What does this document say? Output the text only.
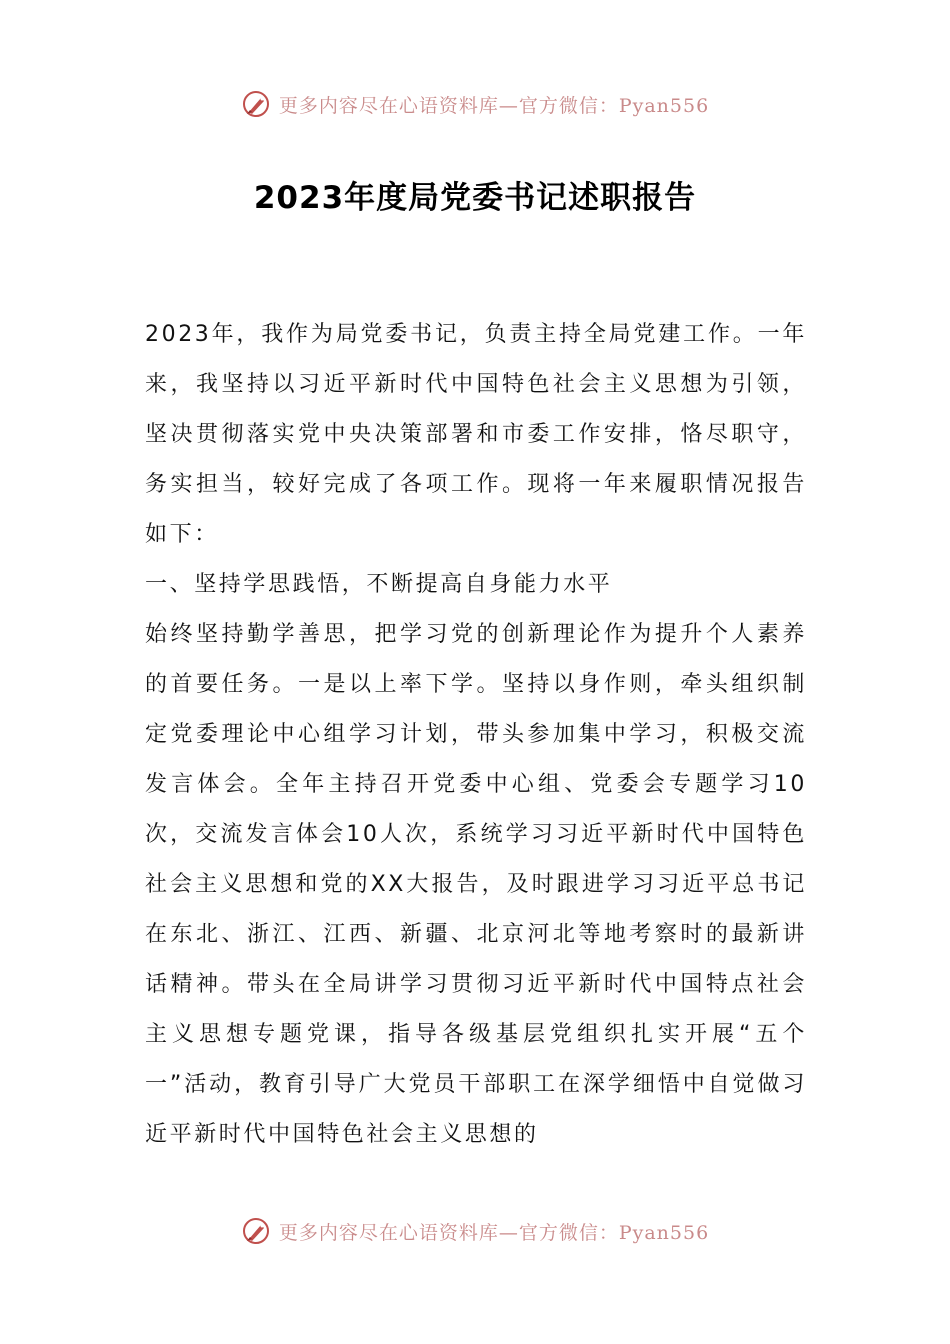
更多内容尽在心语资料库—官方微信：Pyan556
2023年度局党委书记述职报告

2023年，我作为局党委书记，负责主持全局党建工作。一年来，我坚持以习近平新时代中国特色社会主义思想为引领，坚决贯彻落实党中央决策部署和市委工作安排，恪尽职守，务实担当，较好完成了各项工作。现将一年来履职情况报告如下：

一、坚持学思践悟，不断提高自身能力水平

始终坚持勤学善思，把学习党的创新理论作为提升个人素养的首要任务。一是以上率下学。坚持以身作则，牵头组织制定党委理论中心组学习计划，带头参加集中学习，积极交流发言体会。全年主持召开党委中心组、党委会专题学习10次，交流发言体会10人次，系统学习习近平新时代中国特色社会主义思想和党的XX大报告，及时跟进学习习近平总书记在东北、浙江、江西、新疆、北京河北等地考察时的最新讲话精神。带头在全局讲学习贯彻习近平新时代中国特点社会主义思想专题党课，指导各级基层党组织扎实开展“五个一”活动，教育引导广大党员干部职工在深学细悟中自觉做习近平新时代中国特色社会主义思想的

更多内容尽在心语资料库—官方微信：Pyan556
